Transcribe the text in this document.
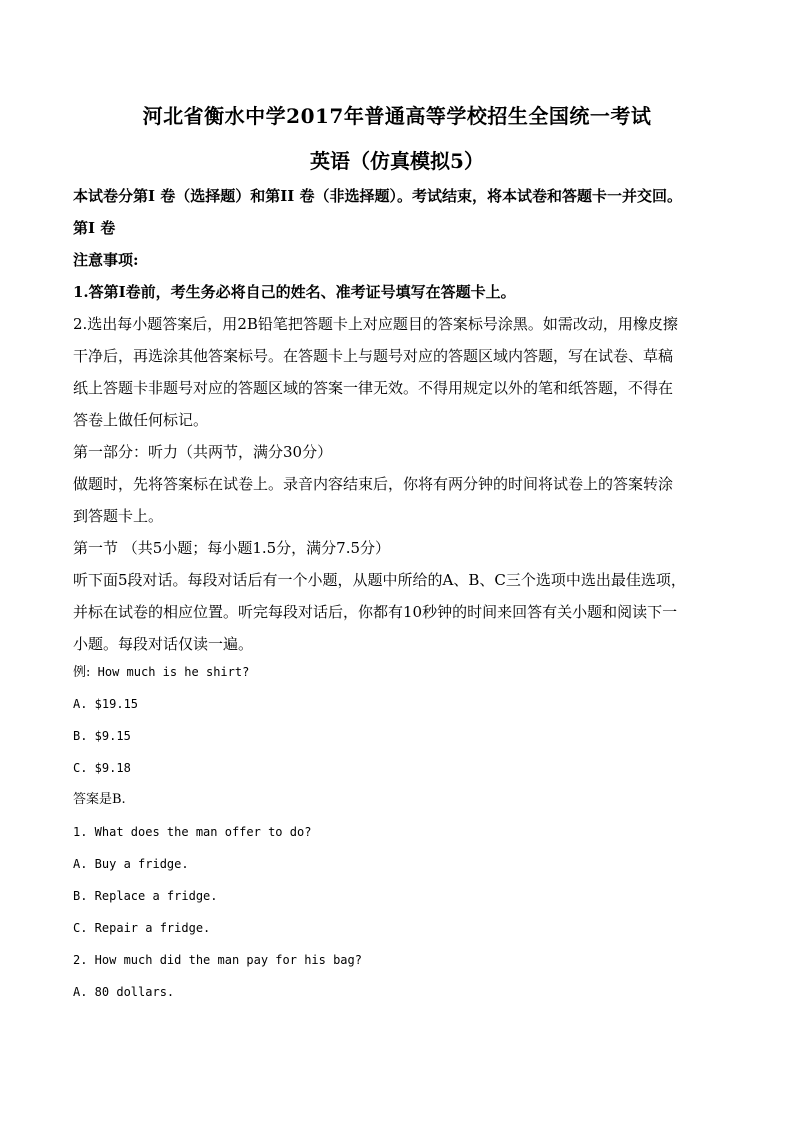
河北省衡水中学2017年普通高等学校招生全国统一考试
英语（仿真模拟5）
本试卷分第I 卷（选择题）和第II 卷（非选择题）。考试结束，将本试卷和答题卡一并交回。
第I 卷
注意事项:
1.答第I卷前，考生务必将自己的姓名、准考证号填写在答题卡上。
2.选出每小题答案后，用2B铅笔把答题卡上对应题目的答案标号涂黑。如需改动，用橡皮擦
干净后，再选涂其他答案标号。在答题卡上与题号对应的答题区域内答题，写在试卷、草稿
纸上答题卡非题号对应的答题区域的答案一律无效。不得用规定以外的笔和纸答题，不得在
答卷上做任何标记。
第一部分：听力（共两节，满分30分）
做题时，先将答案标在试卷上。录音内容结束后，你将有两分钟的时间将试卷上的答案转涂
到答题卡上。
第一节 （共5小题；每小题1.5分，满分7.5分）
听下面5段对话。每段对话后有一个小题，从题中所给的A、B、C三个选项中选出最佳选项，
并标在试卷的相应位置。听完每段对话后，你都有10秒钟的时间来回答有关小题和阅读下一
小题。每段对话仅读一遍。
例: How much is he shirt?
A. $19.15
B. $9.15
C. $9.18
答案是B.
1. What does the man offer to do?
A. Buy a fridge.
B. Replace a fridge.
C. Repair a fridge.
2. How much did the man pay for his bag?
A. 80 dollars.
